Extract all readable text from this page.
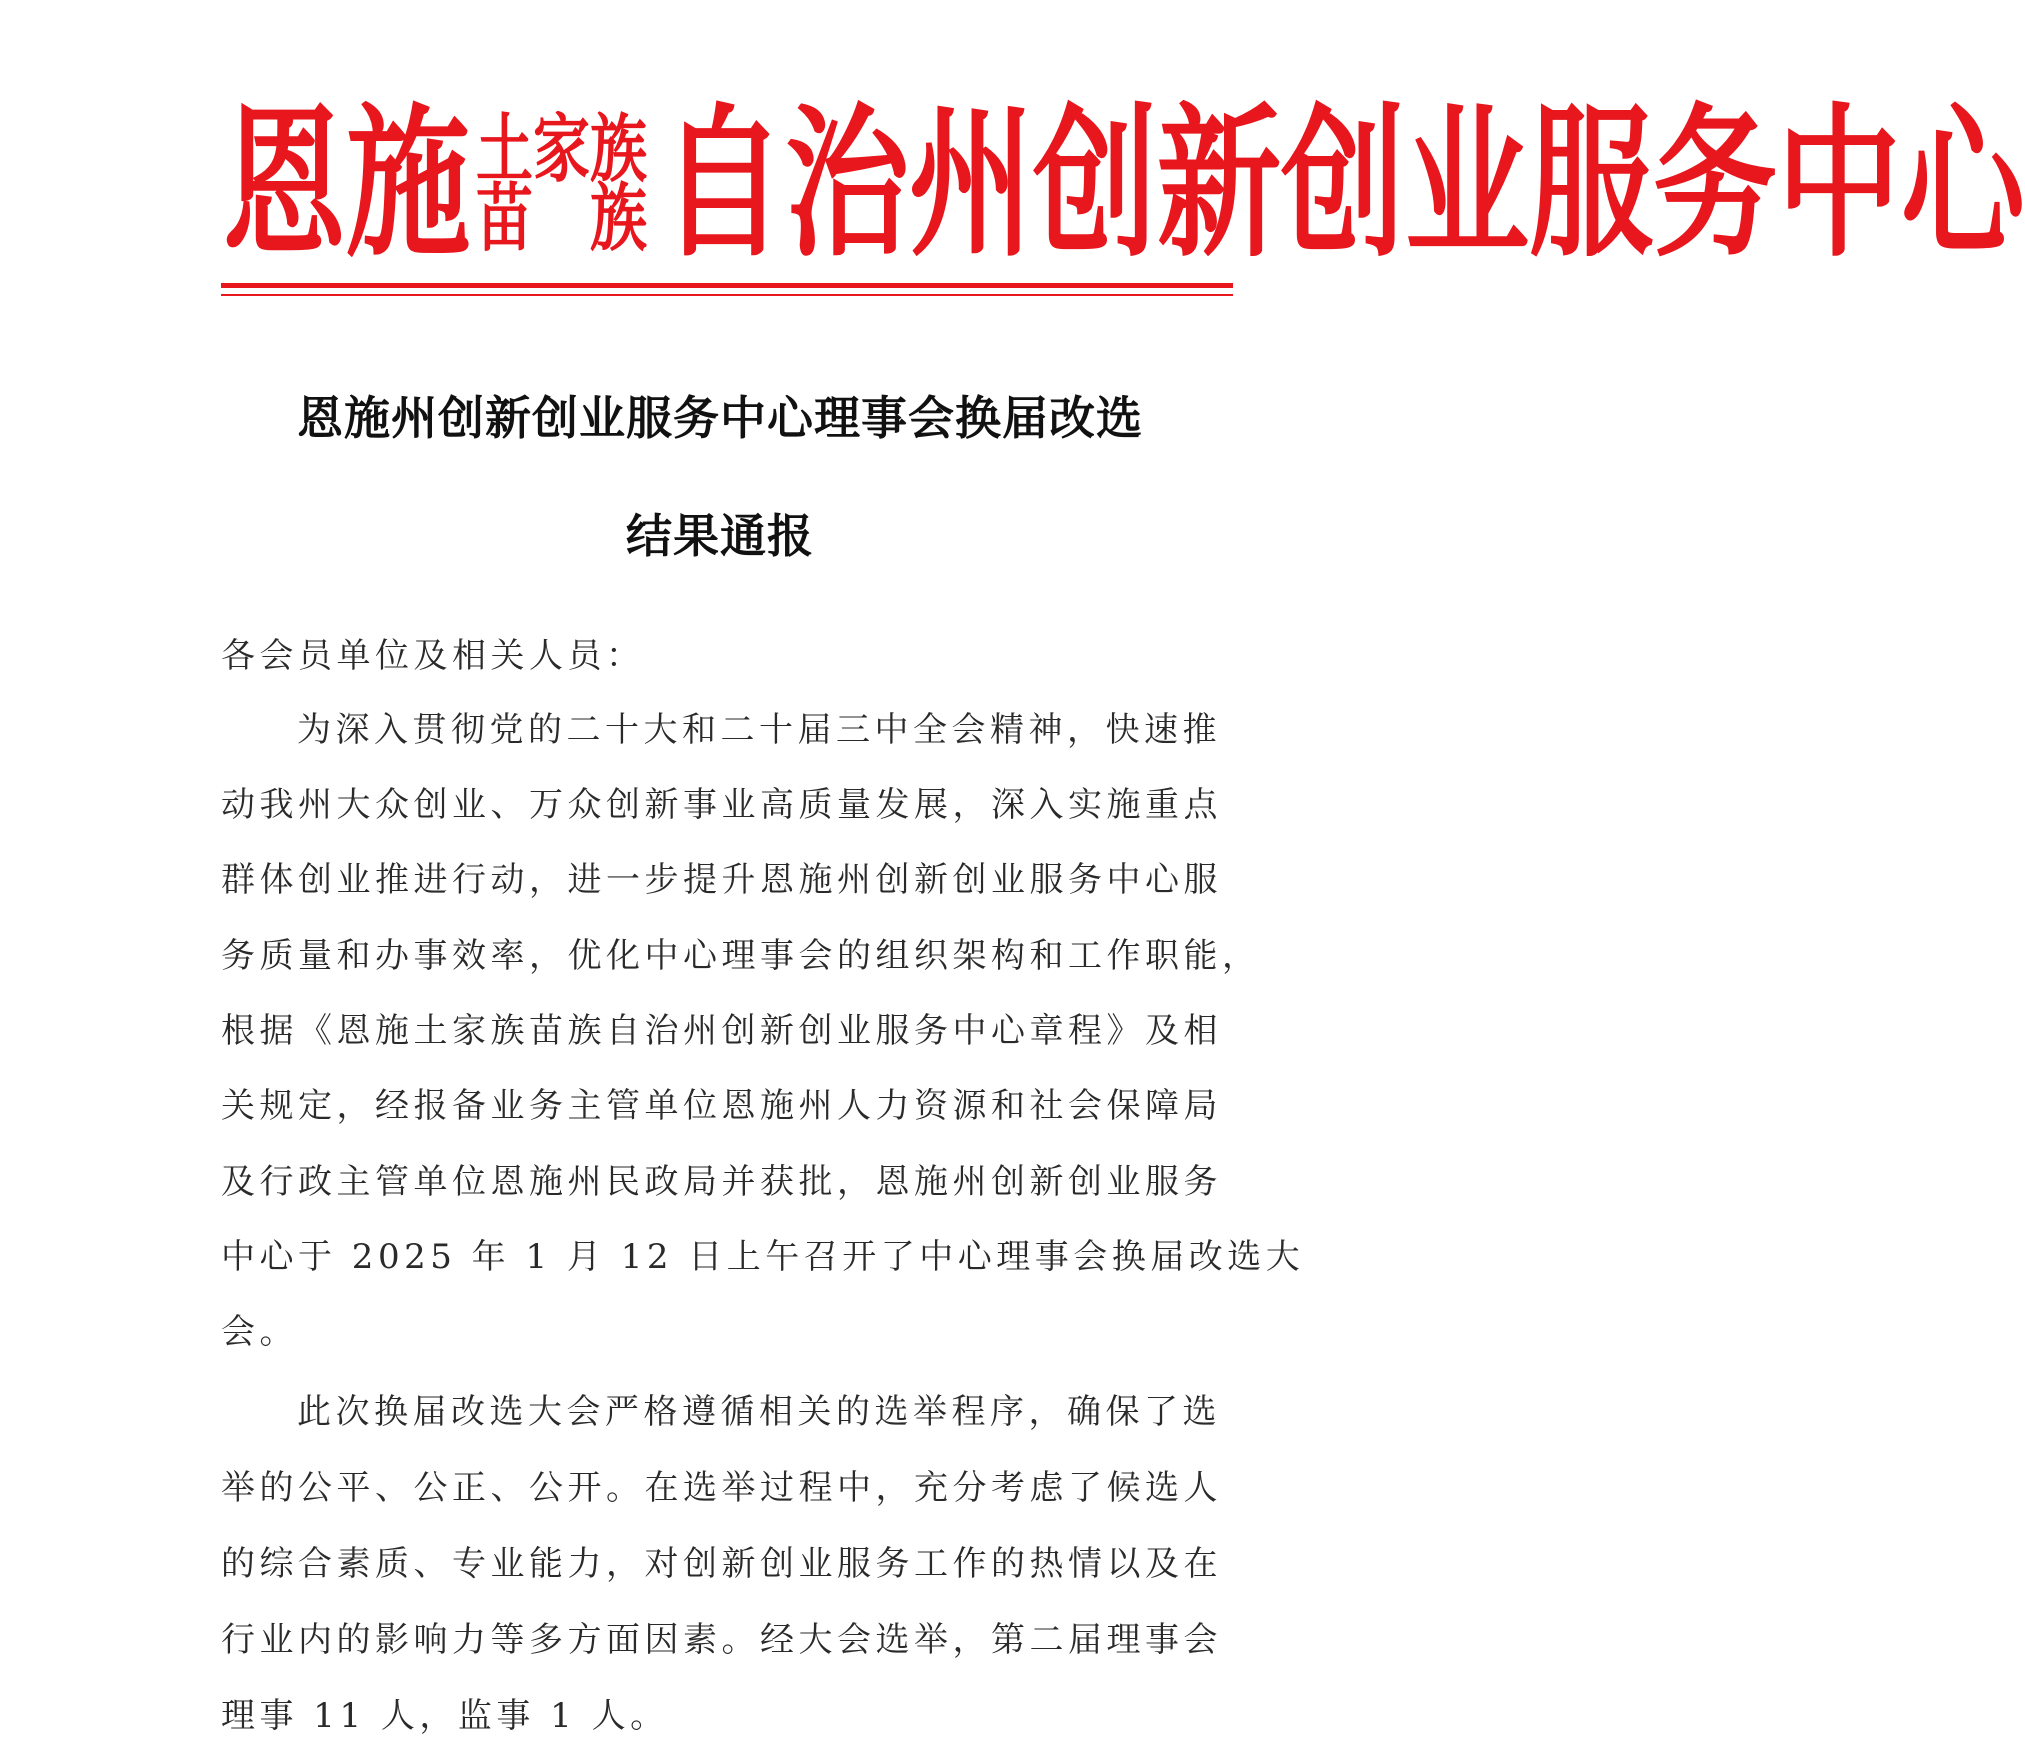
恩施 土家族
苗 族 自治州创新创业服务中心
恩施州创新创业服务中心理事会换届改选
结果通报
各会员单位及相关人员：
为深入贯彻党的二十大和二十届三中全会精神，快速推
动我州大众创业、万众创新事业高质量发展，深入实施重点
群体创业推进行动，进一步提升恩施州创新创业服务中心服
务质量和办事效率，优化中心理事会的组织架构和工作职能，
根据《恩施土家族苗族自治州创新创业服务中心章程》及相
关规定，经报备业务主管单位恩施州人力资源和社会保障局
及行政主管单位恩施州民政局并获批，恩施州创新创业服务
中心于 2025 年 1 月 12 日上午召开了中心理事会换届改选大
会。
此次换届改选大会严格遵循相关的选举程序，确保了选
举的公平、公正、公开。在选举过程中，充分考虑了候选人
的综合素质、专业能力，对创新创业服务工作的热情以及在
行业内的影响力等多方面因素。经大会选举，第二届理事会
理事 11 人，监事 1 人。
